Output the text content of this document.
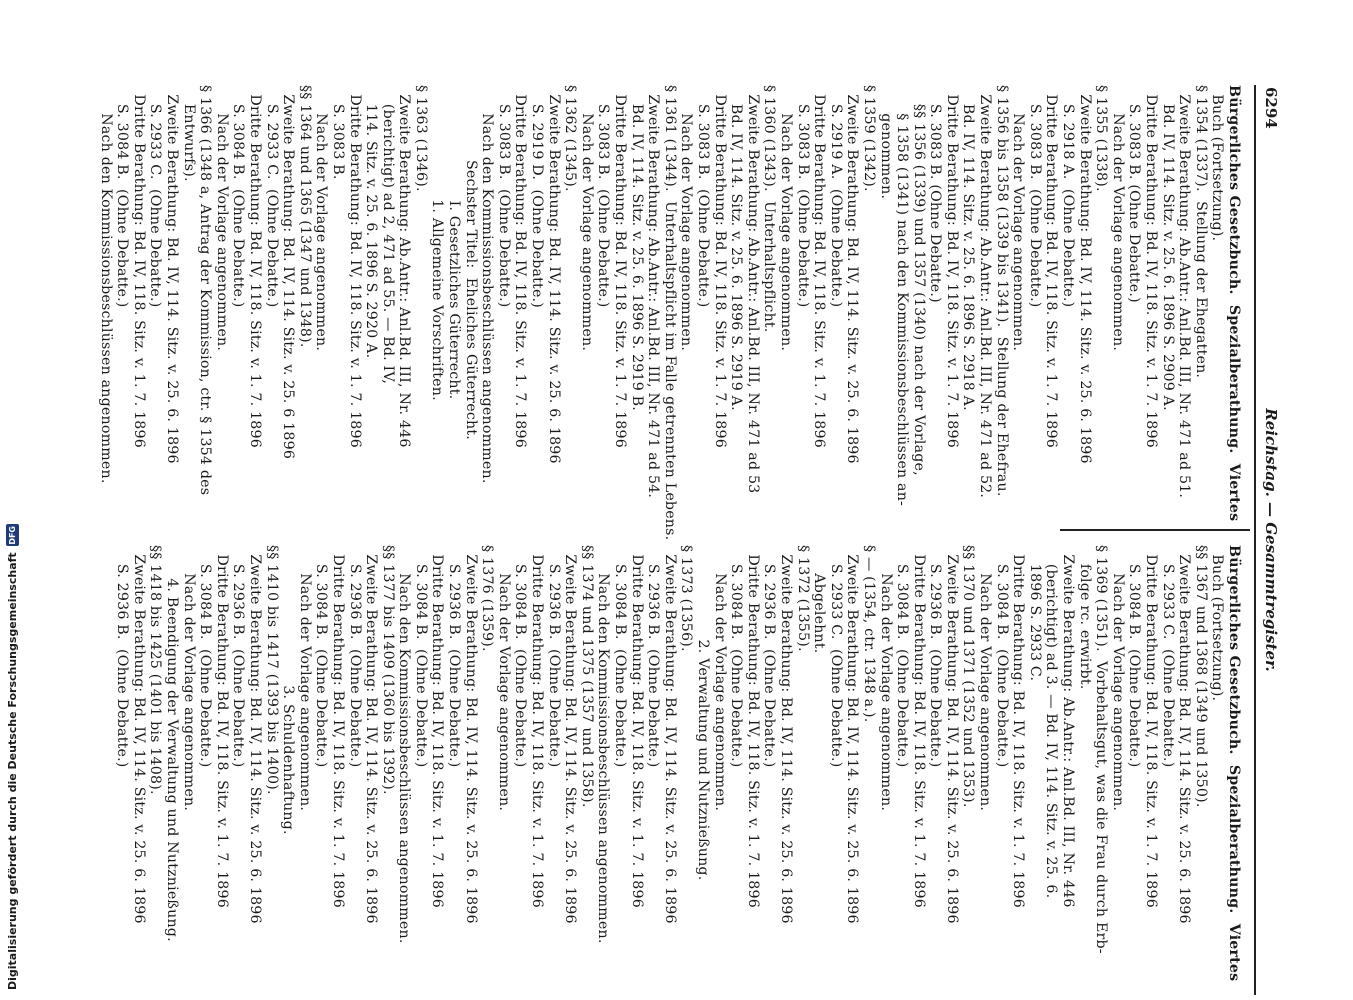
6294
Reichstag. — Gesammtregister.
Bürgerliches Gesetzbuch.  Spezialberathung.  Viertes
Buch (Fortsetzung).
§ 1354 (1337).  Stellung der Ehegatten.
Zweite Berathung: Ab.Antr.: Anl.Bd. III, Nr. 471 ad 51.
Bd. IV, 114. Sitz. v. 25. 6. 1896 S. 2909 A.
Dritte Berathung: Bd. IV, 118. Sitz. v. 1. 7. 1896
S. 3083 B. (Ohne Debatte.)
Nach der Vorlage angenommen.
§ 1355 (1338).
Zweite Berathung: Bd. IV, 114. Sitz. v. 25. 6. 1896
S. 2918 A.  (Ohne Debatte.)
Dritte Berathung: Bd. IV, 118. Sitz. v. 1. 7. 1896
S. 3083 B.  (Ohne Debatte.)
Nach der Vorlage angenommen.
§ 1356 bis 1358 (1339 bis 1341).  Stellung der Ehefrau.
Zweite Berathung: Ab.Antr.: Anl.Bd. III, Nr. 471 ad 52.
Bd. IV, 114. Sitz. v. 25. 6. 1896 S. 2918 A.
Dritte Berathung: Bd. IV, 118. Sitz. v. 1. 7. 1896
S. 3083 B. (Ohne Debatte.)
§§ 1356 (1339) und 1357 (1340) nach der Vorlage,
§ 1358 (1341) nach den Kommissionsbeschlüssen an-
genommen.
§ 1359 (1342).
Zweite Berathung: Bd. IV, 114. Sitz. v. 25. 6. 1896
S. 2919 A.  (Ohne Debatte.)
Dritte Berathung: Bd. IV, 118. Sitz. v. 1. 7. 1896
S. 3083 B.  (Ohne Debatte.)
Nach der Vorlage angenommen.
§ 1360 (1343).  Unterhaltspflicht.
Zweite Berathung: Ab.Antr.: Anl.Bd. III, Nr. 471 ad 53
Bd. IV, 114. Sitz. v. 25. 6. 1896 S. 2919 A.
Dritte Berathung: Bd. IV, 118. Sitz. v. 1. 7. 1896
S. 3083 B.  (Ohne Debatte.)
Nach der Vorlage angenommen.
§ 1361 (1344).  Unterhaltspflicht im Falle getrennten Lebens.
Zweite Berathung: Ab.Antr.: Anl.Bd. III, Nr. 471 ad 54.
Bd. IV, 114. Sitz. v. 25. 6. 1896 S. 2919 B.
Dritte Berathung: Bd. IV, 118. Sitz. v. 1. 7. 1896
S. 3083 B.  (Ohne Debatte.)
Nach der Vorlage angenommen.
§ 1362 (1345).
Zweite Berathung: Bd. IV, 114. Sitz. v. 25. 6. 1896
S. 2919 D.  (Ohne Debatte.)
Dritte Berathung: Bd. IV, 118. Sitz. v. 1. 7. 1896
S. 3083 B.  (Ohne Debatte.)
Nach den Kommissionsbeschlüssen angenommen.
Sechster Titel:  Eheliches Güterrecht.
I. Gesetzliches Güterrecht.
1. Allgemeine Vorschriften.
§ 1363 (1346).
Zweite Berathung: Ab.Antr.: Anl.Bd. III, Nr. 446
(berichtigt) ad 2, 471 ad 55. — Bd. IV,
114. Sitz. v. 25. 6. 1896 S. 2920 A.
Dritte Berathung: Bd. IV, 118. Sitz. v. 1. 7. 1896
S. 3083 B.
Nach der Vorlage angenommen.
§§ 1364 und 1365 (1347 und 1348).
Zweite Berathung: Bd. IV, 114. Sitz. v. 25. 6 1896
S. 2933 C.  (Ohne Debatte.)
Dritte Berathung: Bd. IV, 118. Sitz. v. 1. 7. 1896
S. 3084 B.  (Ohne Debatte.)
Nach der Vorlage angenommen.
§ 1366 (1348 a, Antrag der Kommission, ctr. § 1354 des
Entwurfs).
Zweite Berathung: Bd. IV, 114. Sitz. v. 25. 6. 1896
S. 2933 C.  (Ohne Debatte.)
Dritte Berathung: Bd. IV, 118. Sitz. v. 1. 7. 1896
S. 3084 B.  (Ohne Debatte.)
Nach den Kommissionsbeschlüssen angenommen.
Bürgerliches Gesetzbuch.  Spezialberathung.  Viertes
Buch (Fortsetzung).
§§ 1367 und 1368 (1349 und 1350).
Zweite Berathung: Bd. IV, 114. Sitz. v. 25. 6. 1896
S. 2933 C.  (Ohne Debatte.)
Dritte Berathung: Bd. IV, 118. Sitz. v. 1. 7. 1896
S. 3084 B.  (Ohne Debatte.)
Nach der Vorlage angenommen.
§ 1369 (1351).  Vorbehaltsgut, was die Frau durch Erb-
folge rc. erwirbt.
Zweite Berathung: Ab.Antr.: Anl.Bd. III, Nr. 446
(berichtigt) ad 3. — Bd. IV, 114. Sitz. v. 25. 6.
1896 S. 2933 C.
Dritte Berathung: Bd. IV, 118. Sitz. v. 1. 7. 1896
S. 3084 B.  (Ohne Debatte.)
Nach der Vorlage angenommen.
§§ 1370 und 1371 (1352 und 1353).
Zweite Berathung: Bd. IV, 114. Sitz. v. 25. 6. 1896
S. 2936 B.  (Ohne Debatte.)
Dritte Berathung: Bd. IV, 118. Sitz. v. 1. 7. 1896
S. 3084 B.  (Ohne Debatte.)
Nach der Vorlage angenommen.
§ — (1354, ctr. 1348 a.).
Zweite Berathung: Bd. IV, 114. Sitz. v. 25. 6. 1896
S. 2933 C.  (Ohne Debatte.)
Abgelehnt.
§ 1372 (1355).
Zweite Berathung: Bd. IV, 114. Sitz. v. 25. 6. 1896
S. 2936 B.  (Ohne Debatte.)
Dritte Berathung: Bd. IV, 118. Sitz. v. 1. 7. 1896
S. 3084 B.  (Ohne Debatte.)
Nach der Vorlage angenommen.
2. Verwaltung und Nutznießung.
§ 1373 (1356).
Zweite Berathung: Bd. IV, 114. Sitz. v. 25. 6. 1896
S. 2936 B.  (Ohne Debatte.)
Dritte Berathung: Bd. IV, 118. Sitz. v. 1. 7. 1896
S. 3084 B.  (Ohne Debatte.)
Nach den Kommissionsbeschlüssen angenommen.
§§ 1374 und 1375 (1357 und 1358).
Zweite Berathung: Bd. IV, 114. Sitz. v. 25. 6. 1896
S. 2936 B.  (Ohne Debatte.)
Dritte Berathung: Bd. IV, 118. Sitz. v. 1. 7. 1896
S. 3084 B.  (Ohne Debatte.)
Nach der Vorlage angenommen.
§ 1376 (1359).
Zweite Berathung: Bd. IV, 114. Sitz. v. 25. 6. 1896
S. 2936 B.  (Ohne Debatte.)
Dritte Berathung: Bd. IV, 118. Sitz. v. 1. 7. 1896
S. 3084 B.  (Ohne Debatte.)
Nach den Kommissionsbeschlüssen angenommen.
§§ 1377 bis 1409 (1360 bis 1392).
Zweite Berathung: Bd. IV, 114. Sitz. v. 25. 6. 1896
S. 2936 B.  (Ohne Debatte.)
Dritte Berathung: Bd. IV, 118. Sitz. v. 1. 7. 1896
S. 3084 B.  (Ohne Debatte.)
Nach der Vorlage angenommen.
3. Schuldenhaftung.
§§ 1410 bis 1417 (1393 bis 1400).
Zweite Berathung: Bd. IV, 114. Sitz. v. 25. 6. 1896
S. 2936 B.  (Ohne Debatte.)
Dritte Berathung: Bd. IV, 118. Sitz. v. 1. 7. 1896
S. 3084 B.  (Ohne Debatte.)
Nach der Vorlage angenommen.
4. Beendigung der Verwaltung und Nutznießung.
§§ 1418 bis 1425 (1401 bis 1408).
Zweite Berathung: Bd. IV, 114. Sitz. v. 25. 6. 1896
S. 2936 B.  (Ohne Debatte.)
Digitalisierung gefördert durch die Deutsche Forschungsgemeinschaft
DFG
